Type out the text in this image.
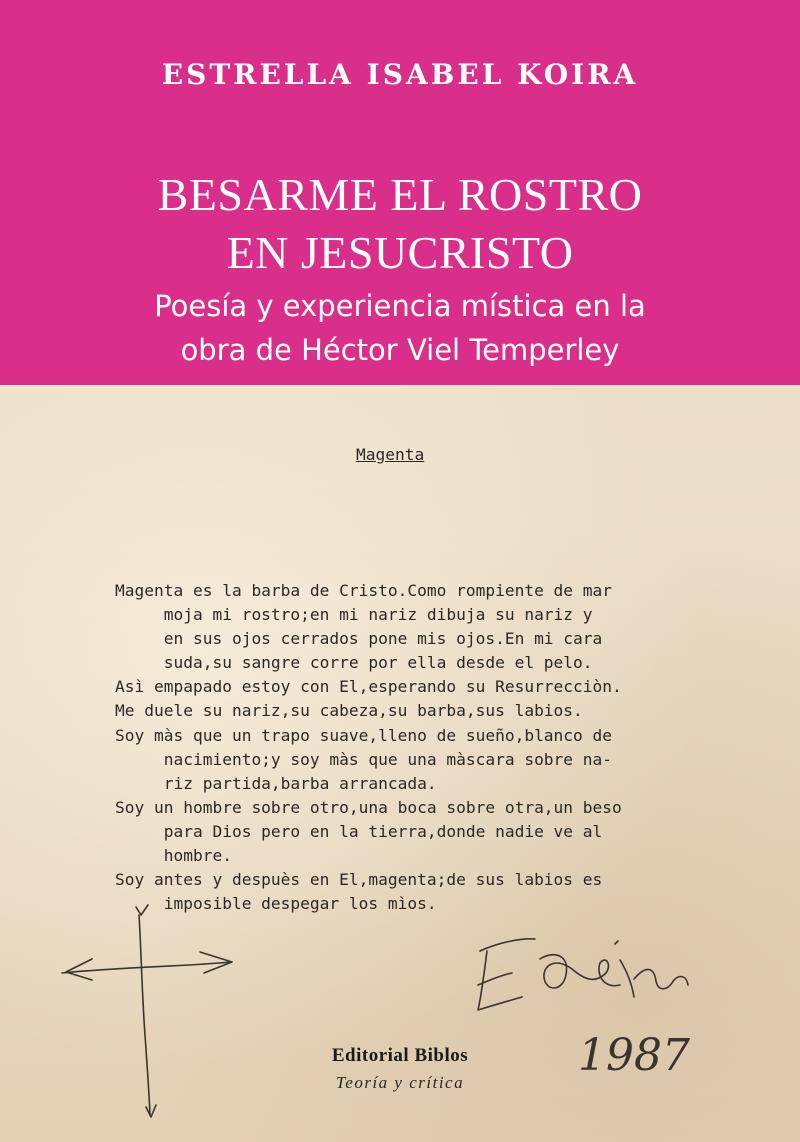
ESTRELLA ISABEL KOIRA
BESARME EL ROSTRO
EN JESUCRISTO
Poesía y experiencia mística en la
obra de Héctor Viel Temperley
Magenta
Magenta es la barba de Cristo.Como rompiente de mar
moja mi rostro;en mi nariz dibuja su nariz y
en sus ojos cerrados pone mis ojos.En mi cara
suda,su sangre corre por ella desde el pelo.
Asì empapado estoy con El,esperando su Resurrecciòn.
Me duele su nariz,su cabeza,su barba,sus labios.
Soy màs que un trapo suave,lleno de sueño,blanco de
nacimiento;y soy màs que una màscara sobre na-
riz partida,barba arrancada.
Soy un hombre sobre otro,una boca sobre otra,un beso
para Dios pero en la tierra,donde nadie ve al
hombre.
Soy antes y despuès en El,magenta;de sus labios es
imposible despegar los mìos.
1987
Editorial Biblos
Teoría y crítica
